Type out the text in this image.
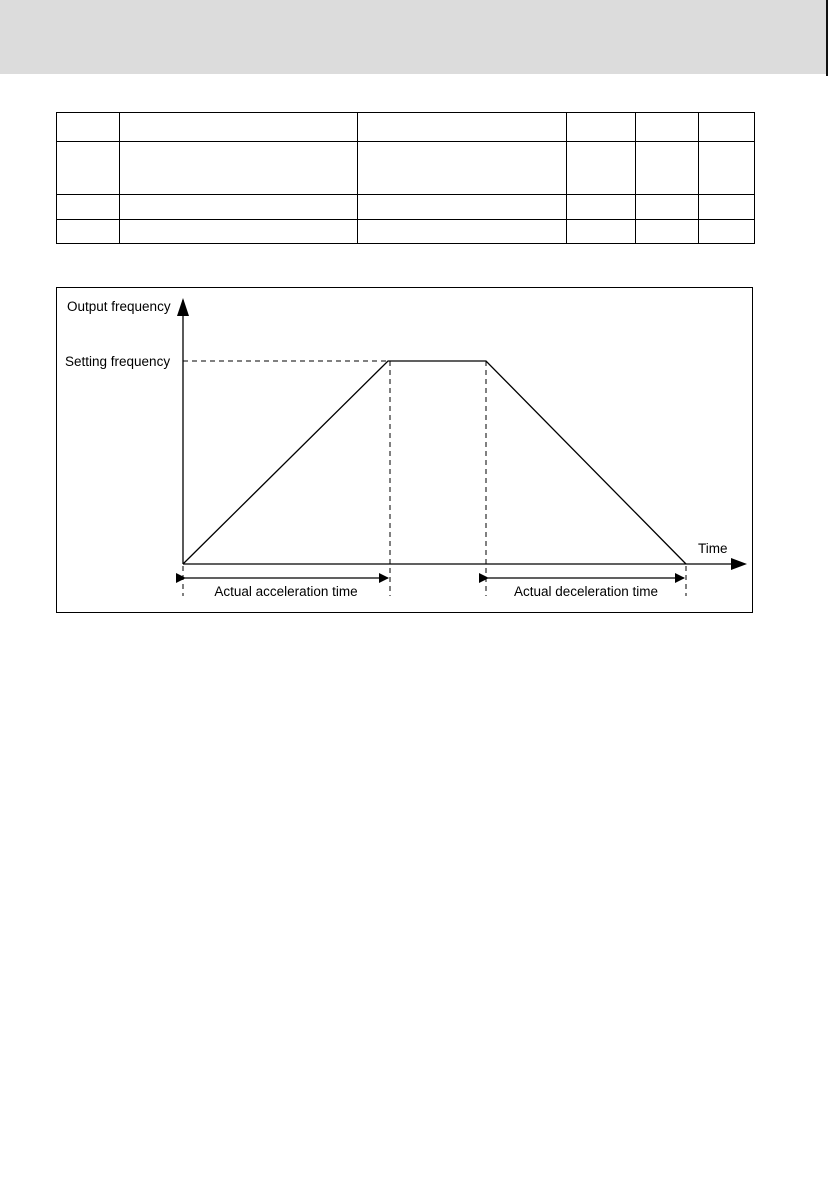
Output frequency
Setting frequency
Time
Actual acceleration time	Actual deceleration time
